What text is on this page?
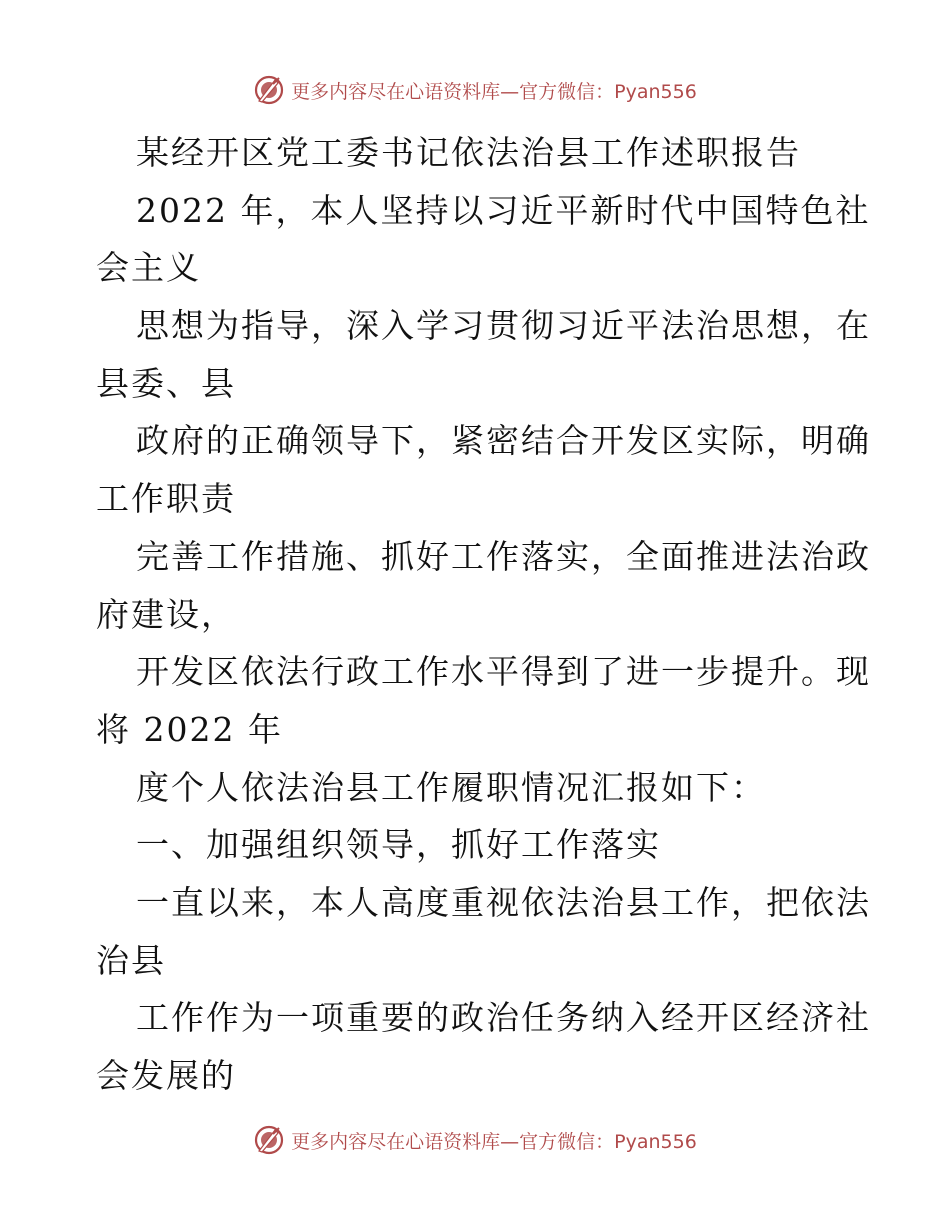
更多内容尽在心语资料库—官方微信：Pyan556
某经开区党工委书记依法治县工作述职报告
2022 年，本人坚持以习近平新时代中国特色社
会主义
思想为指导，深入学习贯彻习近平法治思想，在
县委、县
政府的正确领导下，紧密结合开发区实际，明确
工作职责
完善工作措施、抓好工作落实，全面推进法治政
府建设，
开发区依法行政工作水平得到了进一步提升。现
将 2022 年
度个人依法治县工作履职情况汇报如下：
一、加强组织领导，抓好工作落实
一直以来，本人高度重视依法治县工作，把依法
治县
工作作为一项重要的政治任务纳入经开区经济社
会发展的
更多内容尽在心语资料库—官方微信：Pyan556
